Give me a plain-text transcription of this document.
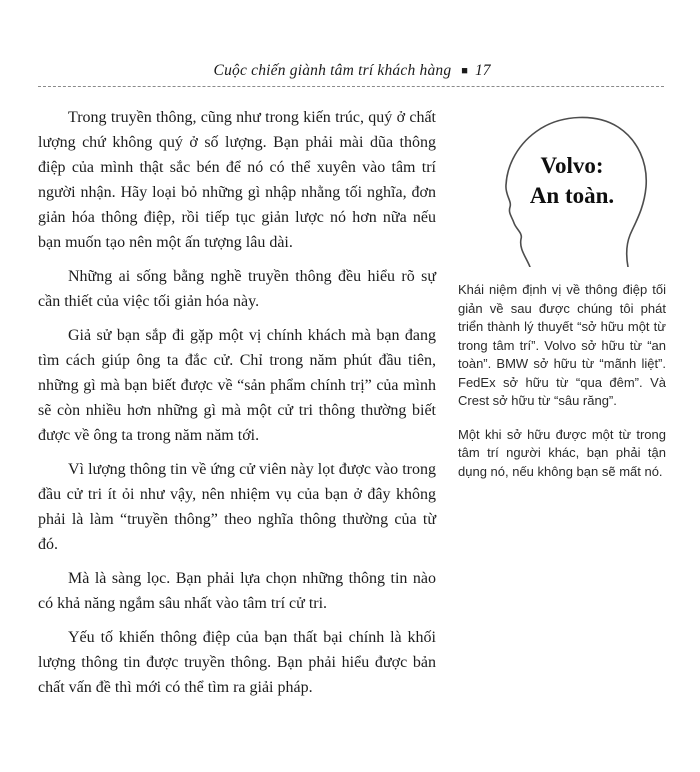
Cuộc chiến giành tâm trí khách hàng ■ 17

Trong truyền thông, cũng như trong kiến trúc, quý ở chất lượng chứ không quý ở số lượng. Bạn phải mài dũa thông điệp của mình thật sắc bén để nó có thể xuyên vào tâm trí người nhận. Hãy loại bỏ những gì nhập nhằng tối nghĩa, đơn giản hóa thông điệp, rồi tiếp tục giản lược nó hơn nữa nếu bạn muốn tạo nên một ấn tượng lâu dài.

Những ai sống bằng nghề truyền thông đều hiểu rõ sự cần thiết của việc tối giản hóa này.

Giả sử bạn sắp đi gặp một vị chính khách mà bạn đang tìm cách giúp ông ta đắc cử. Chỉ trong năm phút đầu tiên, những gì mà bạn biết được về “sản phẩm chính trị” của mình sẽ còn nhiều hơn những gì mà một cử tri thông thường biết được về ông ta trong năm năm tới.

Vì lượng thông tin về ứng cử viên này lọt được vào trong đầu cử tri ít ỏi như vậy, nên nhiệm vụ của bạn ở đây không phải là làm “truyền thông” theo nghĩa thông thường của từ đó.

Mà là sàng lọc. Bạn phải lựa chọn những thông tin nào có khả năng ngắm sâu nhất vào tâm trí cử tri.

Yếu tố khiến thông điệp của bạn thất bại chính là khối lượng thông tin được truyền thông. Bạn phải hiểu được bản chất vấn đề thì mới có thể tìm ra giải pháp.

Volvo:
An toàn.

Khái niệm định vị về thông điệp tối giản về sau được chúng tôi phát triển thành lý thuyết “sở hữu một từ trong tâm trí”. Volvo sở hữu từ “an toàn”. BMW sở hữu từ “mãnh liệt”. FedEx sở hữu từ “qua đêm”. Và Crest sở hữu từ “sâu răng”.

Một khi sở hữu được một từ trong tâm trí người khác, bạn phải tận dụng nó, nếu không bạn sẽ mất nó.
